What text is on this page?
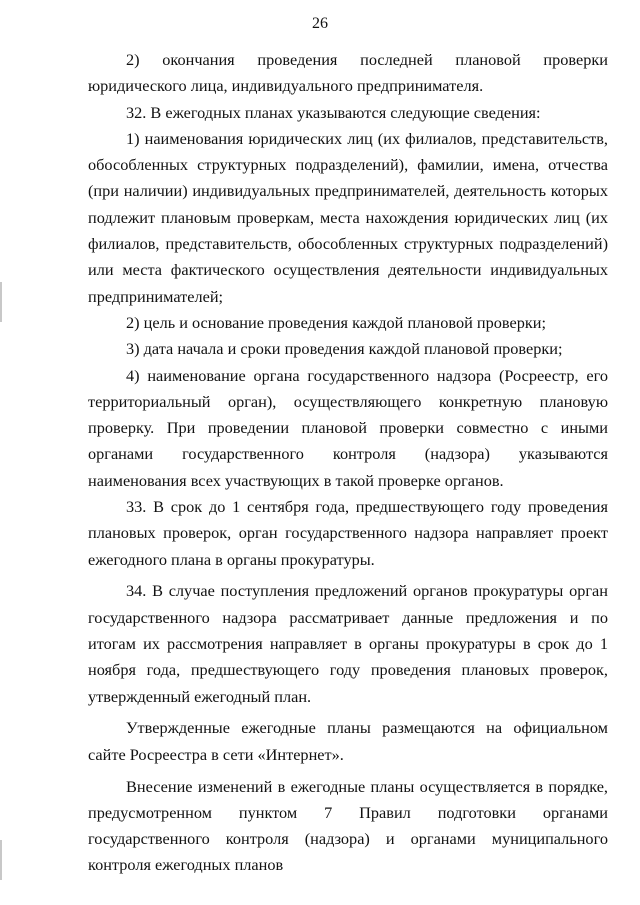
26

2) окончания проведения последней плановой проверки юридического лица, индивидуального предпринимателя.

32. В ежегодных планах указываются следующие сведения:

1) наименования юридических лиц (их филиалов, представительств, обособленных структурных подразделений), фамилии, имена, отчества (при наличии) индивидуальных предпринимателей, деятельность которых подлежит плановым проверкам, места нахождения юридических лиц (их филиалов, представительств, обособленных структурных подразделений) или места фактического осуществления деятельности индивидуальных предпринимателей;

2) цель и основание проведения каждой плановой проверки;

3) дата начала и сроки проведения каждой плановой проверки;

4) наименование органа государственного надзора (Росреестр, его территориальный орган), осуществляющего конкретную плановую проверку. При проведении плановой проверки совместно с иными органами государственного контроля (надзора) указываются наименования всех участвующих в такой проверке органов.

33. В срок до 1 сентября года, предшествующего году проведения плановых проверок, орган государственного надзора направляет проект ежегодного плана в органы прокуратуры.

34. В случае поступления предложений органов прокуратуры орган государственного надзора рассматривает данные предложения и по итогам их рассмотрения направляет в органы прокуратуры в срок до 1 ноября года, предшествующего году проведения плановых проверок, утвержденный ежегодный план.

Утвержденные ежегодные планы размещаются на официальном сайте Росреестра в сети «Интернет».

Внесение изменений в ежегодные планы осуществляется в порядке, предусмотренном пунктом 7 Правил подготовки органами государственного контроля (надзора) и органами муниципального контроля ежегодных планов
